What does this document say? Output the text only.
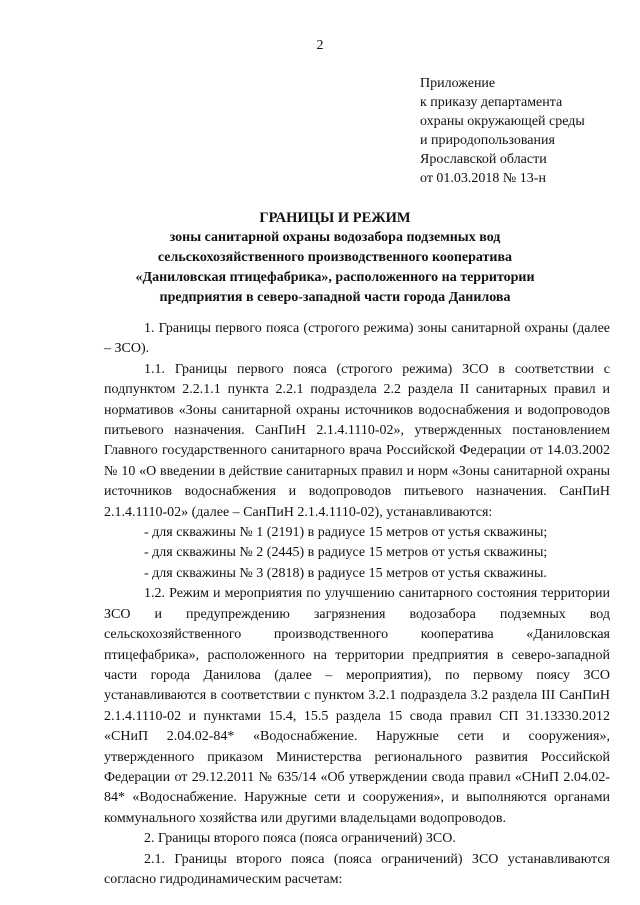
2
Приложение
к приказу департамента
охраны окружающей среды
и природопользования
Ярославской области
от 01.03.2018 № 13-н
ГРАНИЦЫ И РЕЖИМ
зоны санитарной охраны водозабора подземных вод
сельскохозяйственного производственного кооператива
«Даниловская птицефабрика», расположенного на территории
предприятия в северо-западной части города Данилова

1. Границы первого пояса (строгого режима) зоны санитарной охраны (далее – ЗСО).

1.1. Границы первого пояса (строгого режима) ЗСО в соответствии с подпунктом 2.2.1.1 пункта 2.2.1 подраздела 2.2 раздела II санитарных правил и нормативов «Зоны санитарной охраны источников водоснабжения и водопроводов питьевого назначения. СанПиН 2.1.4.1110-02», утвержденных постановлением Главного государственного санитарного врача Российской Федерации от 14.03.2002 № 10 «О введении в действие санитарных правил и норм «Зоны санитарной охраны источников водоснабжения и водопроводов питьевого назначения. СанПиН 2.1.4.1110-02» (далее – СанПиН 2.1.4.1110-02), устанавливаются:

- для скважины № 1 (2191) в радиусе 15 метров от устья скважины;

- для скважины № 2 (2445) в радиусе 15 метров от устья скважины;

- для скважины № 3 (2818) в радиусе 15 метров от устья скважины.

1.2. Режим и мероприятия по улучшению санитарного состояния территории ЗСО и предупреждению загрязнения водозабора подземных вод сельскохозяйственного производственного кооператива «Даниловская птицефабрика», расположенного на территории предприятия в северо-западной части города Данилова (далее – мероприятия), по первому поясу ЗСО устанавливаются в соответствии с пунктом 3.2.1 подраздела 3.2 раздела III СанПиН 2.1.4.1110-02 и пунктами 15.4, 15.5 раздела 15 свода правил СП 31.13330.2012 «СНиП 2.04.02-84* «Водоснабжение. Наружные сети и сооружения», утвержденного приказом Министерства регионального развития Российской Федерации от 29.12.2011 № 635/14 «Об утверждении свода правил «СНиП 2.04.02-84* «Водоснабжение. Наружные сети и сооружения», и выполняются органами коммунального хозяйства или другими владельцами водопроводов.

2. Границы второго пояса (пояса ограничений) ЗСО.

2.1. Границы второго пояса (пояса ограничений) ЗСО устанавливаются согласно гидродинамическим расчетам:
